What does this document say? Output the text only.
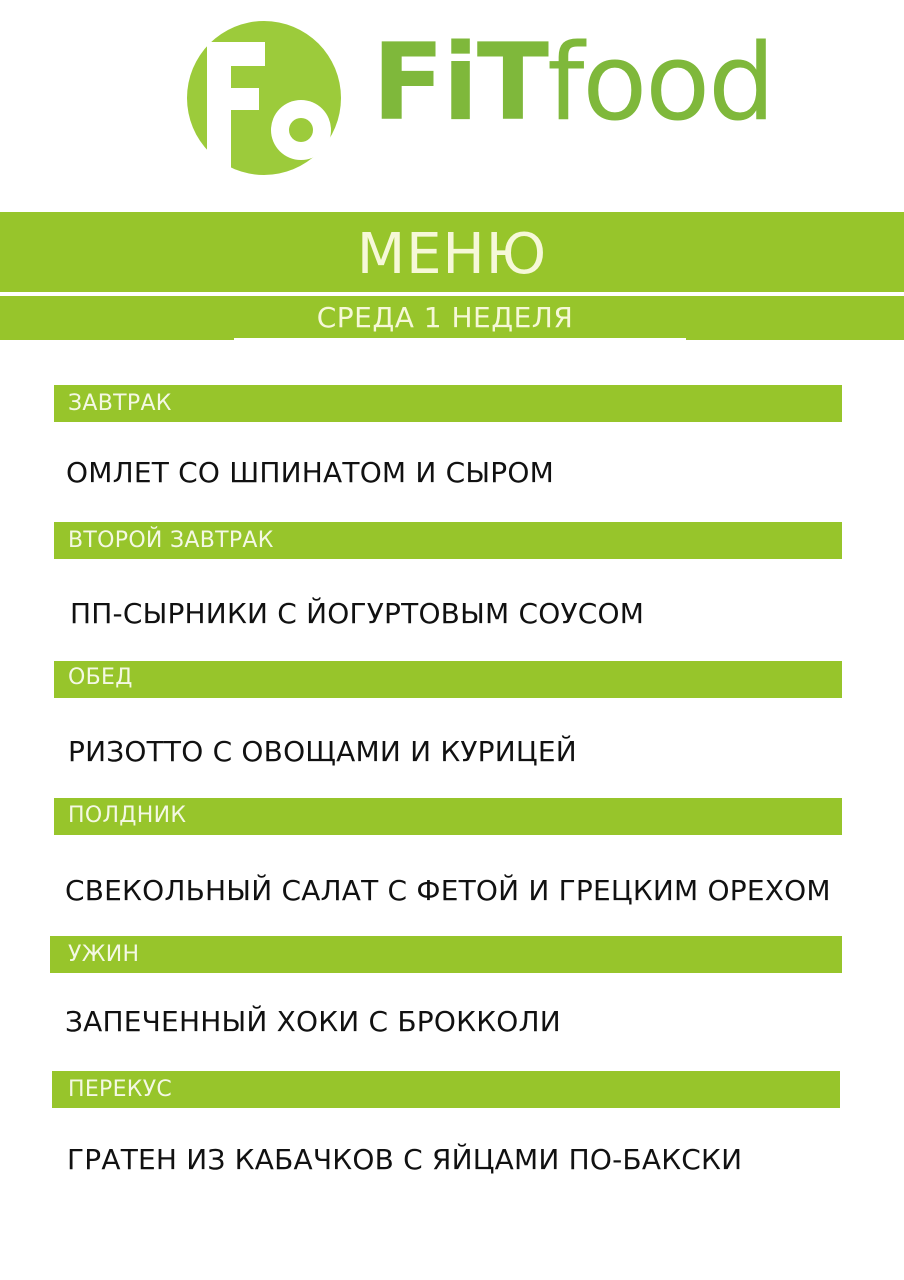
FiTfood
МЕНЮ
СРЕДА 1 НЕДЕЛЯ
ЗАВТРАК
ОМЛЕТ СО ШПИНАТОМ И СЫРОМ
ВТОРОЙ ЗАВТРАК
ПП-СЫРНИКИ С ЙОГУРТОВЫМ СОУСОМ
ОБЕД
РИЗОТТО С ОВОЩАМИ И КУРИЦЕЙ
ПОЛДНИК
СВЕКОЛЬНЫЙ САЛАТ С ФЕТОЙ И ГРЕЦКИМ ОРЕХОМ
УЖИН
ЗАПЕЧЕННЫЙ ХОКИ С БРОККОЛИ
ПЕРЕКУС
ГРАТЕН ИЗ КАБАЧКОВ С ЯЙЦАМИ ПО-БАКСКИ
